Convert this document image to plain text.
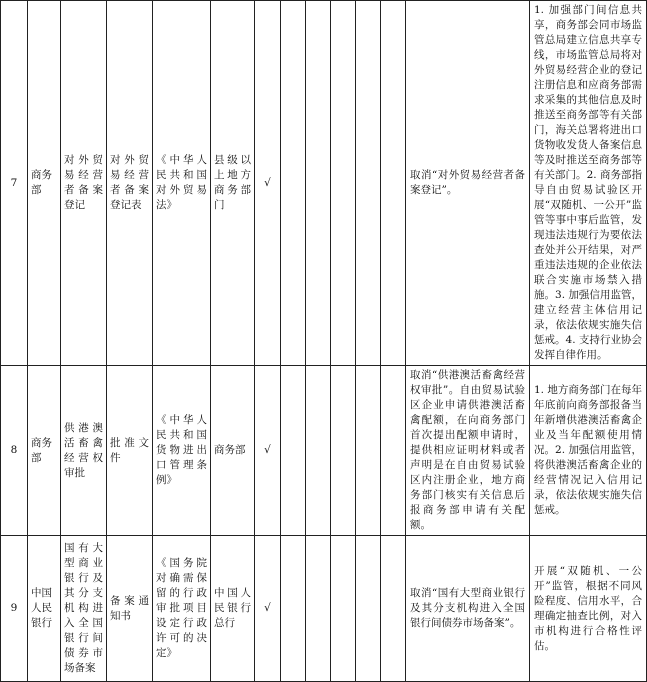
7	商务部	对外贸易经营者备案登记	对外贸易经营者备案登记表	《中华人民共和国对外贸易法》	县级以上地方商务部门	√						取消“对外贸易经营者备案登记”。	1. 加强部门间信息共享，商务部会同市场监管总局建立信息共享专线，市场监管总局将对外贸易经营企业的登记注册信息和应商务部需求采集的其他信息及时推送至商务部等有关部门，海关总署将进出口货物收发货人备案信息等及时推送至商务部等有关部门。2. 商务部指导自由贸易试验区开展“双随机、一公开”监管等事中事后监管，发现违法违规行为要依法查处并公开结果，对严重违法违规的企业依法联合实施市场禁入措施。3. 加强信用监管，建立经营主体信用记录，依法依规实施失信惩戒。4. 支持行业协会发挥自律作用。
8	商务部	供港澳活畜禽经营权审批	批准文件	《中华人民共和国货物进出口管理条例》	商务部	√						取消“供港澳活畜禽经营权审批”。自由贸易试验区企业申请供港澳活畜禽配额，在向商务部门首次提出配额申请时，提供相应证明材料或者声明是在自由贸易试验区内注册企业，地方商务部门核实有关信息后报商务部申请有关配额。	1. 地方商务部门在每年年底前向商务部报备当年新增供港澳活畜禽企业及当年配额使用情况。2. 加强信用监管，将供港澳活畜禽企业的经营情况记入信用记录，依法依规实施失信惩戒。
9	中国人民银行	国有大型商业银行及其分支机构进入全国银行间债券市场备案	备案通知书	《国务院对确需保留的行政审批项目设定行政许可的决定》	中国人民银行总行	√						取消“国有大型商业银行及其分支机构进入全国银行间债券市场备案”。	开展“双随机、一公开”监管，根据不同风险程度、信用水平，合理确定抽查比例，对入市机构进行合格性评估。
